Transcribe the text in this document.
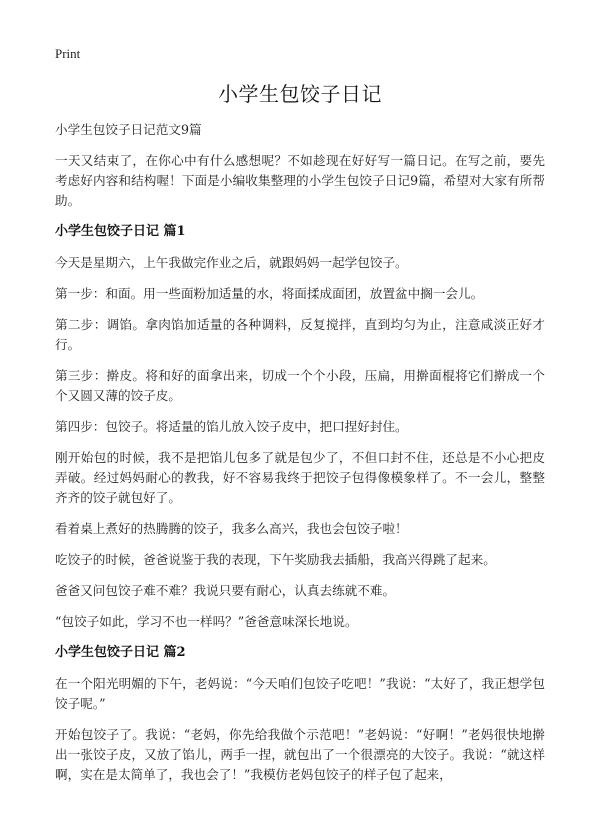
Print
小学生包饺子日记

小学生包饺子日记范文9篇

一天又结束了，在你心中有什么感想呢？不如趁现在好好写一篇日记。在写之前，要先考虑好内容和结构喔！下面是小编收集整理的小学生包饺子日记9篇，希望对大家有所帮助。

小学生包饺子日记 篇1

今天是星期六，上午我做完作业之后，就跟妈妈一起学包饺子。

第一步：和面。用一些面粉加适量的水，将面揉成面团，放置盆中搁一会儿。

第二步：调馅。拿肉馅加适量的各种调料，反复搅拌，直到均匀为止，注意咸淡正好才行。

第三步：擀皮。将和好的面拿出来，切成一个个小段，压扁，用擀面棍将它们擀成一个个又圆又薄的饺子皮。

第四步：包饺子。将适量的馅儿放入饺子皮中，把口捏好封住。

刚开始包的时候，我不是把馅儿包多了就是包少了，不但口封不住，还总是不小心把皮弄破。经过妈妈耐心的教我，好不容易我终于把饺子包得像模象样了。不一会儿，整整齐齐的饺子就包好了。

看着桌上煮好的热腾腾的饺子，我多么高兴，我也会包饺子啦！

吃饺子的时候，爸爸说鉴于我的表现，下午奖励我去插船，我高兴得跳了起来。

爸爸又问包饺子难不难？我说只要有耐心，认真去练就不难。

“包饺子如此，学习不也一样吗？”爸爸意味深长地说。

小学生包饺子日记 篇2

在一个阳光明媚的下午，老妈说：“今天咱们包饺子吃吧！”我说：“太好了，我正想学包饺子呢。”

开始包饺子了。我说：“老妈，你先给我做个示范吧！”老妈说：“好啊！”老妈很快地擀出一张饺子皮，又放了馅儿，两手一捏，就包出了一个很漂亮的大饺子。我说：“就这样啊，实在是太简单了，我也会了！”我模仿老妈包饺子的样子包了起来，
